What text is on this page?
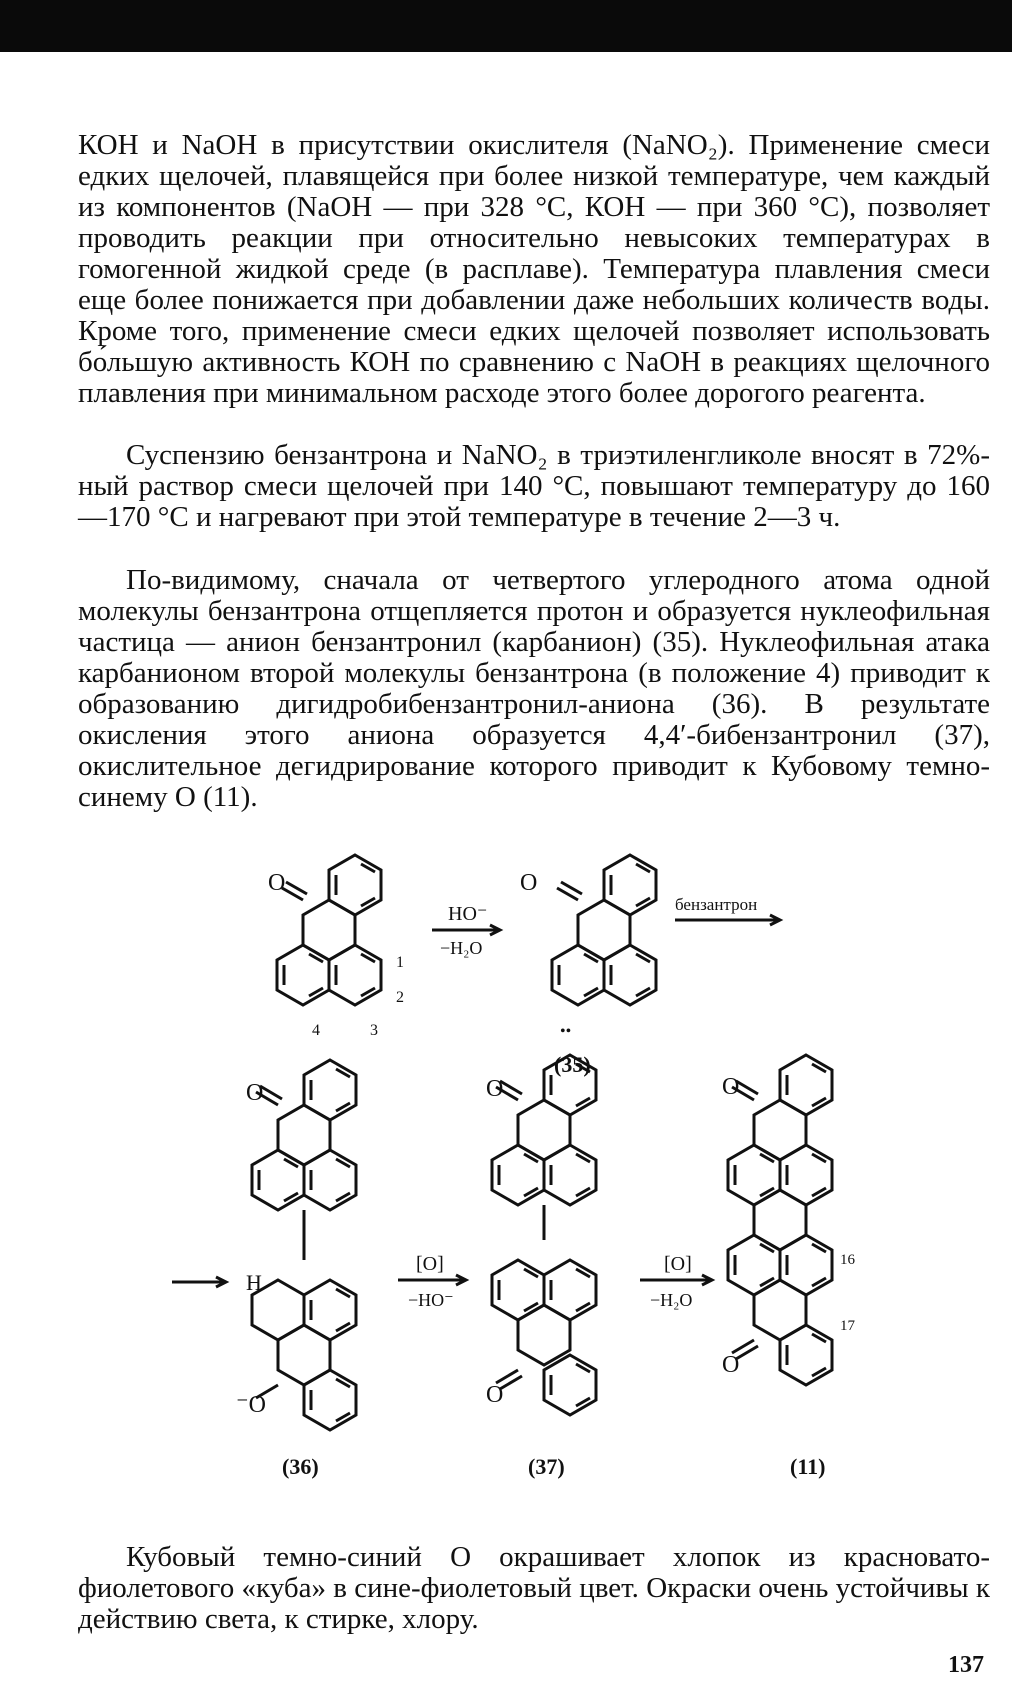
КОН и NaOH в присутствии окислителя (NaNO₂). Применение смеси едких щелочей, плавящейся при более низкой температуре, чем каждый из компонентов (NaOH — при 328 °С, КОН — при 360 °С), позволяет проводить реакции при относительно невысоких температурах в гомогенной жидкой среде (в расплаве). Температура плавления смеси еще более понижается при добавлении даже небольших количеств воды. Кроме того, применение смеси едких щелочей позволяет использовать бо́льшую активность КОН по сравнению с NaOH в реакциях щелочного плавления при минимальном расходе этого более дорогого реагента.

Суспензию бензантрона и NaNO₂ в триэтиленгликоле вносят в 72%-ный раствор смеси щелочей при 140 °С, повышают температуру до 160—170 °С и нагревают при этой температуре в течение 2—3 ч.

По-видимому, сначала от четвертого углеродного атома одной молекулы бензантрона отщепляется протон и образуется нуклеофильная частица — анион бензантронил (карбанион) (35). Нуклеофильная атака карбанионом второй молекулы бензантрона (в положение 4) приводит к образованию дигидробибензантронил-аниона (36). В результате окисления этого аниона образуется 4,4′-бибензантронил (37), окислительное дегидрирование которого приводит к Кубовому темно-синему О (11).

O
1
2
3
4
HO⁻
−H₂O
O
••
(35)
бензантрон
O
H
⁻O
(36)
[O]
−HO⁻
O
O
(37)
[O]
−H₂O
O
O
16
17
(11)

Кубовый темно-синий О окрашивает хлопок из красновато-фиолетового «куба» в сине-фиолетовый цвет. Окраски очень устойчивы к действию света, к стирке, хлору.

137
